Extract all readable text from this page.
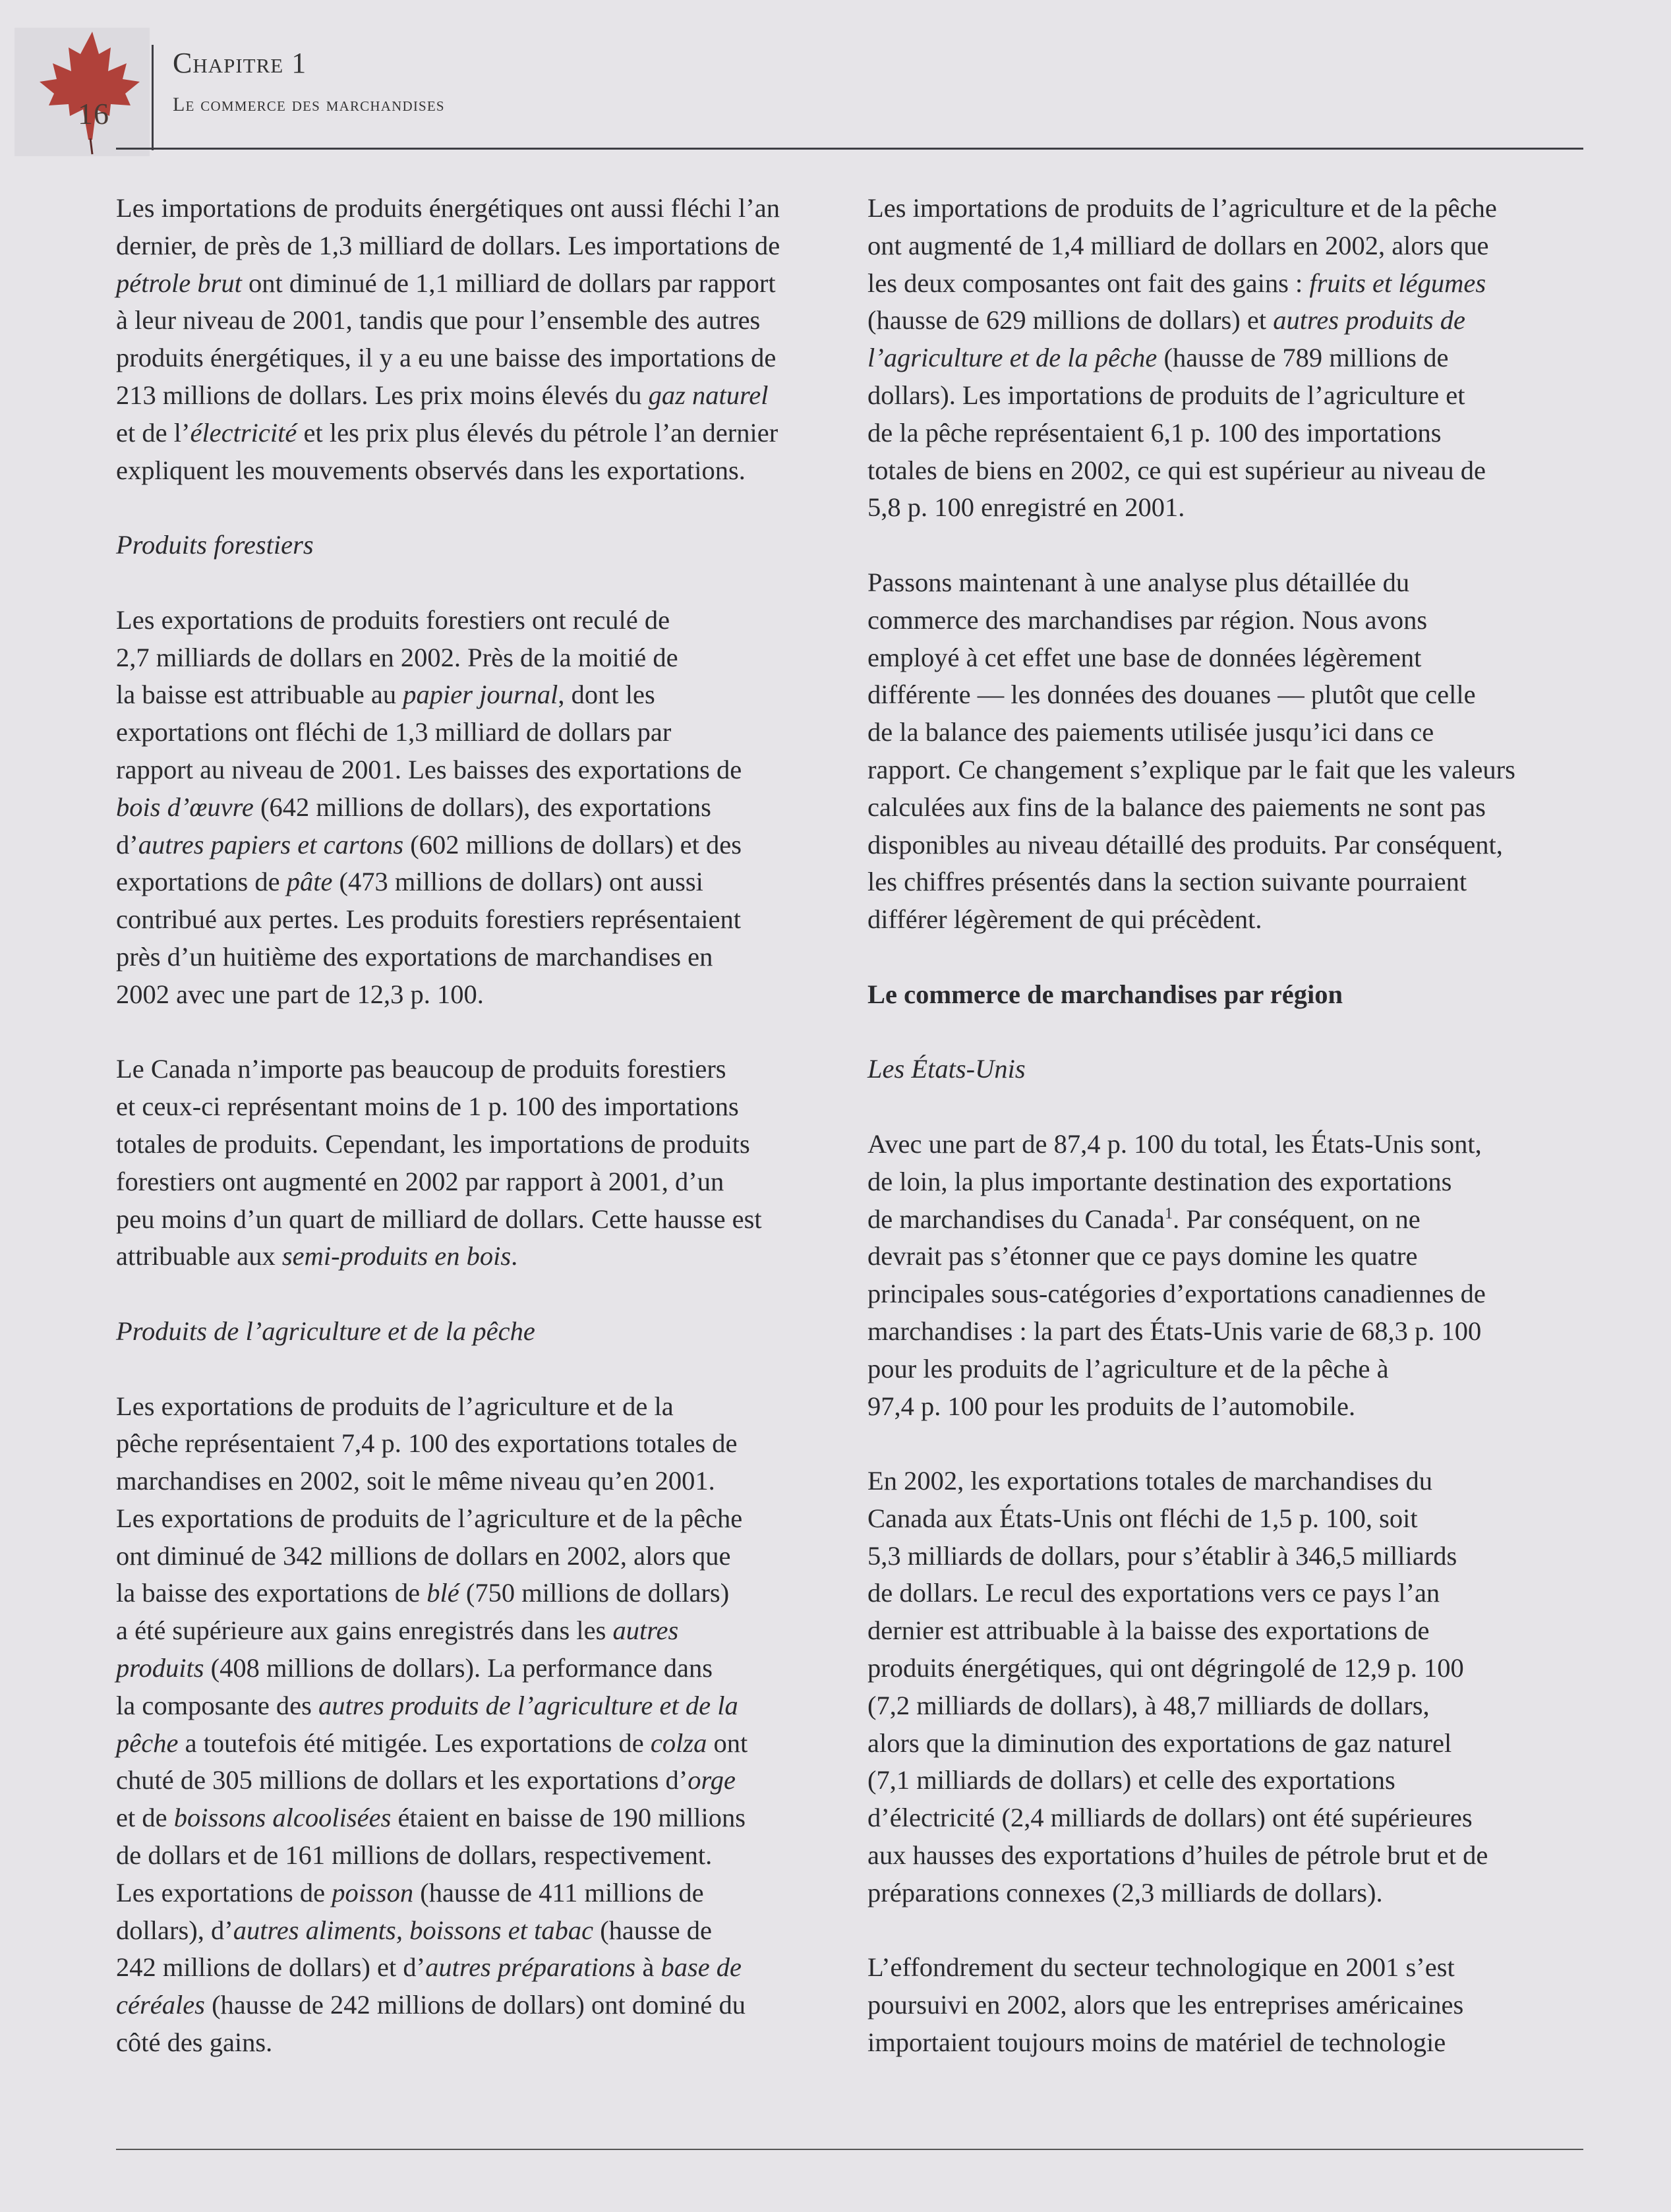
16
Chapitre 1
Le commerce des marchandises
Les importations de produits énergétiques ont aussi fléchi l’an
dernier, de près de 1,3 milliard de dollars. Les importations de
pétrole brut ont diminué de 1,1 milliard de dollars par rapport
à leur niveau de 2001, tandis que pour l’ensemble des autres
produits énergétiques, il y a eu une baisse des importations de
213 millions de dollars. Les prix moins élevés du gaz naturel
et de l’électricité et les prix plus élevés du pétrole l’an dernier
expliquent les mouvements observés dans les exportations.
Produits forestiers
Les exportations de produits forestiers ont reculé de
2,7 milliards de dollars en 2002. Près de la moitié de
la baisse est attribuable au papier journal, dont les
exportations ont fléchi de 1,3 milliard de dollars par
rapport au niveau de 2001. Les baisses des exportations de
bois d’œuvre (642 millions de dollars), des exportations
d’autres papiers et cartons (602 millions de dollars) et des
exportations de pâte (473 millions de dollars) ont aussi
contribué aux pertes. Les produits forestiers représentaient
près d’un huitième des exportations de marchandises en
2002 avec une part de 12,3 p. 100.
Le Canada n’importe pas beaucoup de produits forestiers
et ceux-ci représentant moins de 1 p. 100 des importations
totales de produits. Cependant, les importations de produits
forestiers ont augmenté en 2002 par rapport à 2001, d’un
peu moins d’un quart de milliard de dollars. Cette hausse est
attribuable aux semi-produits en bois.
Produits de l’agriculture et de la pêche
Les exportations de produits de l’agriculture et de la
pêche représentaient 7,4 p. 100 des exportations totales de
marchandises en 2002, soit le même niveau qu’en 2001.
Les exportations de produits de l’agriculture et de la pêche
ont diminué de 342 millions de dollars en 2002, alors que
la baisse des exportations de blé (750 millions de dollars)
a été supérieure aux gains enregistrés dans les autres
produits (408 millions de dollars). La performance dans
la composante des autres produits de l’agriculture et de la
pêche a toutefois été mitigée. Les exportations de colza ont
chuté de 305 millions de dollars et les exportations d’orge
et de boissons alcoolisées étaient en baisse de 190 millions
de dollars et de 161 millions de dollars, respectivement.
Les exportations de poisson (hausse de 411 millions de
dollars), d’autres aliments, boissons et tabac (hausse de
242 millions de dollars) et d’autres préparations à base de
céréales (hausse de 242 millions de dollars) ont dominé du
côté des gains.
Les importations de produits de l’agriculture et de la pêche
ont augmenté de 1,4 milliard de dollars en 2002, alors que
les deux composantes ont fait des gains : fruits et légumes
(hausse de 629 millions de dollars) et autres produits de
l’agriculture et de la pêche (hausse de 789 millions de
dollars). Les importations de produits de l’agriculture et
de la pêche représentaient 6,1 p. 100 des importations
totales de biens en 2002, ce qui est supérieur au niveau de
5,8 p. 100 enregistré en 2001.
Passons maintenant à une analyse plus détaillée du
commerce des marchandises par région. Nous avons
employé à cet effet une base de données légèrement
différente — les données des douanes — plutôt que celle
de la balance des paiements utilisée jusqu’ici dans ce
rapport. Ce changement s’explique par le fait que les valeurs
calculées aux fins de la balance des paiements ne sont pas
disponibles au niveau détaillé des produits. Par conséquent,
les chiffres présentés dans la section suivante pourraient
différer légèrement de qui précèdent.
Le commerce de marchandises par région
Les États-Unis
Avec une part de 87,4 p. 100 du total, les États-Unis sont,
de loin, la plus importante destination des exportations
de marchandises du Canada$^1$. Par conséquent, on ne
devrait pas s’étonner que ce pays domine les quatre
principales sous-catégories d’exportations canadiennes de
marchandises : la part des États-Unis varie de 68,3 p. 100
pour les produits de l’agriculture et de la pêche à
97,4 p. 100 pour les produits de l’automobile.
En 2002, les exportations totales de marchandises du
Canada aux États-Unis ont fléchi de 1,5 p. 100, soit
5,3 milliards de dollars, pour s’établir à 346,5 milliards
de dollars. Le recul des exportations vers ce pays l’an
dernier est attribuable à la baisse des exportations de
produits énergétiques, qui ont dégringolé de 12,9 p. 100
(7,2 milliards de dollars), à 48,7 milliards de dollars,
alors que la diminution des exportations de gaz naturel
(7,1 milliards de dollars) et celle des exportations
d’électricité (2,4 milliards de dollars) ont été supérieures
aux hausses des exportations d’huiles de pétrole brut et de
préparations connexes (2,3 milliards de dollars).
L’effondrement du secteur technologique en 2001 s’est
poursuivi en 2002, alors que les entreprises américaines
importaient toujours moins de matériel de technologie
